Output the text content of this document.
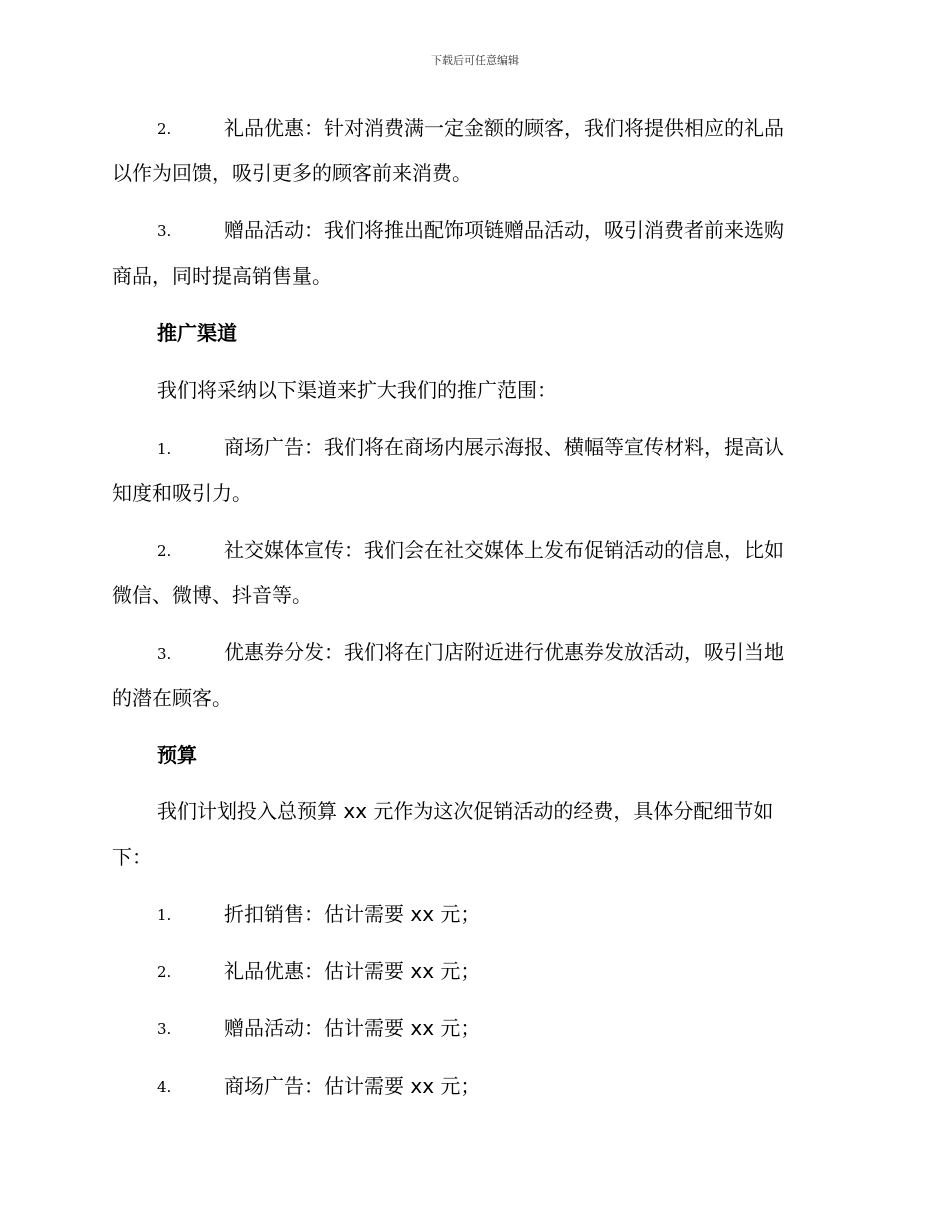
下载后可任意编辑
2.	礼品优惠：针对消费满一定金额的顾客，我们将提供相应的礼品
以作为回馈，吸引更多的顾客前来消费。
3.	赠品活动：我们将推出配饰项链赠品活动，吸引消费者前来选购
商品，同时提高销售量。
推广渠道
我们将采纳以下渠道来扩大我们的推广范围：
1.	商场广告：我们将在商场内展示海报、横幅等宣传材料，提高认
知度和吸引力。
2.	社交媒体宣传：我们会在社交媒体上发布促销活动的信息，比如
微信、微博、抖音等。
3.	优惠券分发：我们将在门店附近进行优惠券发放活动，吸引当地
的潜在顾客。
预算
我们计划投入总预算 xx 元作为这次促销活动的经费，具体分配细节如
下：
1.	折扣销售：估计需要 xx 元；
2.	礼品优惠：估计需要 xx 元；
3.	赠品活动：估计需要 xx 元；
4.	商场广告：估计需要 xx 元；
